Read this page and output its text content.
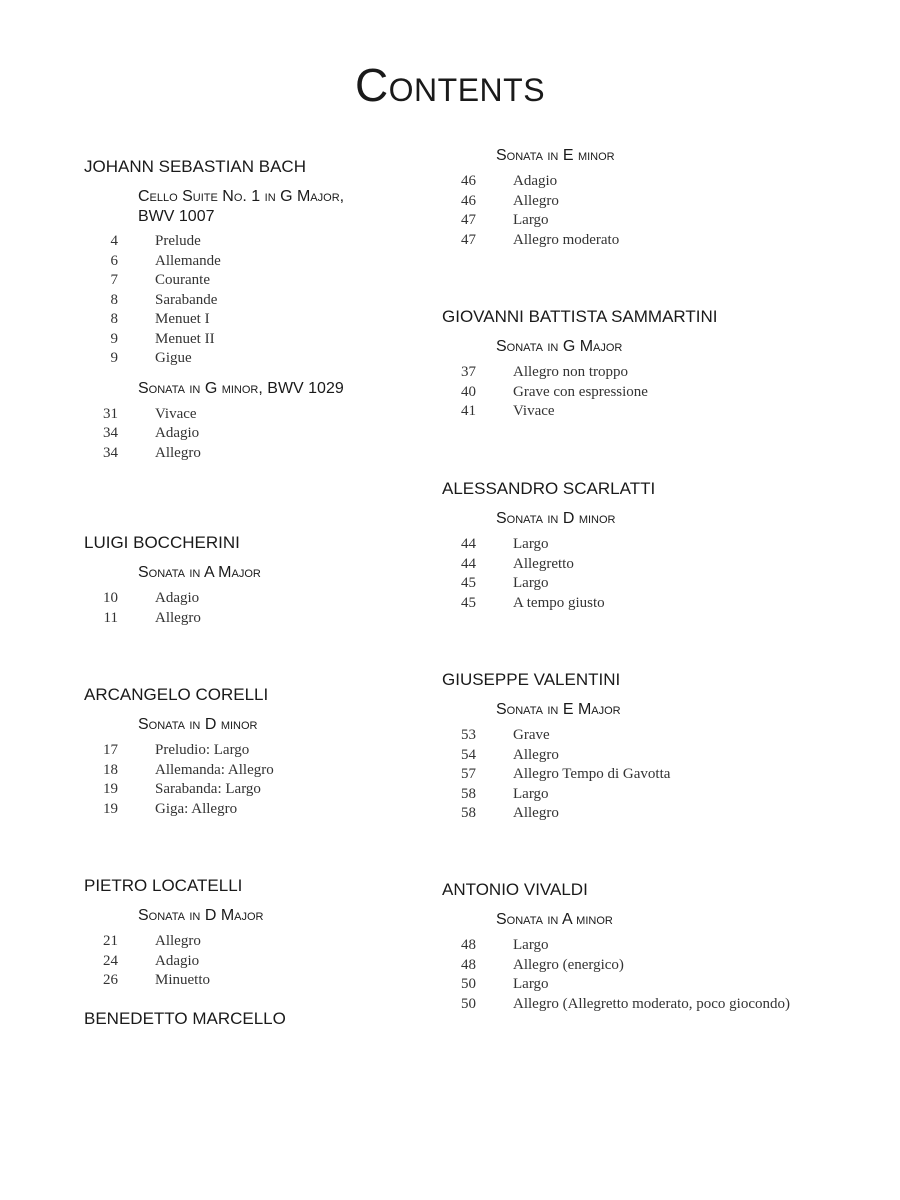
Contents
JOHANN SEBASTIAN BACH
Cello Suite No. 1 in G Major,
BWV 1007
4 Prelude
6 Allemande
7 Courante
8 Sarabande
8 Menuet I
9 Menuet II
9 Gigue
Sonata in G minor, BWV 1029
31 Vivace
34 Adagio
34 Allegro
LUIGI BOCCHERINI
Sonata in A Major
10 Adagio
11 Allegro
ARCANGELO CORELLI
Sonata in D minor
17 Preludio: Largo
18 Allemanda: Allegro
19 Sarabanda: Largo
19 Giga: Allegro
PIETRO LOCATELLI
Sonata in D Major
21 Allegro
24 Adagio
26 Minuetto
BENEDETTO MARCELLO
Sonata in E minor
46 Adagio
46 Allegro
47 Largo
47 Allegro moderato
GIOVANNI BATTISTA SAMMARTINI
Sonata in G Major
37 Allegro non troppo
40 Grave con espressione
41 Vivace
ALESSANDRO SCARLATTI
Sonata in D minor
44 Largo
44 Allegretto
45 Largo
45 A tempo giusto
GIUSEPPE VALENTINI
Sonata in E Major
53 Grave
54 Allegro
57 Allegro Tempo di Gavotta
58 Largo
58 Allegro
ANTONIO VIVALDI
Sonata in A minor
48 Largo
48 Allegro (energico)
50 Largo
50 Allegro (Allegretto moderato, poco giocondo)
